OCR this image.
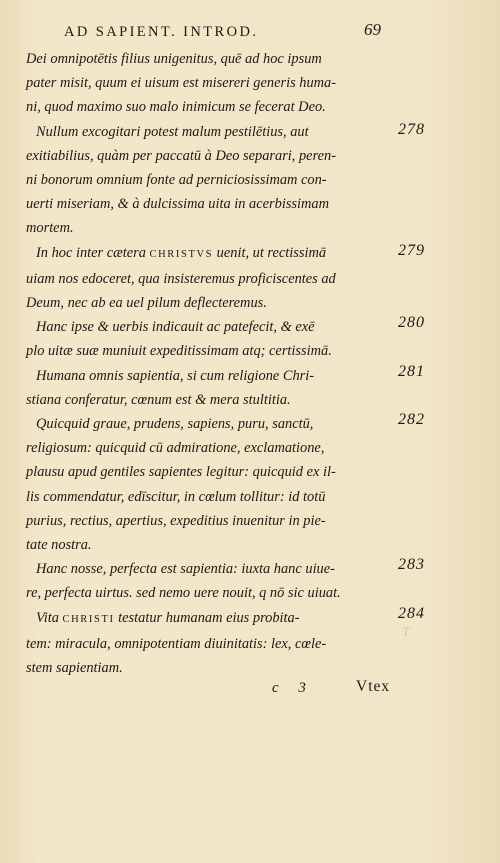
AD SAPIENT. INTROD.	69
Dei omnipotētis filius unigenitus, quē ad hoc ipsum
pater misit, quum ei uisum est misereri generis huma-
ni, quod maximo suo malo inimicum se fecerat Deo.
Nullum excogitari potest malum pestilētius, aut
exitiabilius, quàm per paccatū à Deo separari, peren-
ni bonorum omnium fonte ad perniciosissimam con-
uerti miseriam, & à dulcissima uita in acerbissimam
mortem.
In hoc inter cætera CHRISTVS uenit, ut rectissimā
uiam nos edoceret, qua insisteremus proficiscentes ad
Deum, nec ab ea uel pilum deflecteremus.
Hanc ipse & uerbis indicauit ac patefecit, & exē
plo uitæ suæ muniuit expeditissimam atq; certissimā.
Humana omnis sapientia, si cum religione Chri-
stiana conferatur, cœnum est & mera stultitia.
Quicquid graue, prudens, sapiens, puru, sanctū,
religiosum: quicquid cū admiratione, exclamatione,
plausu apud gentiles sapientes legitur: quicquid ex il-
lis commendatur, edīscitur, in cœlum tollitur: id totū
purius, rectius, apertius, expeditius inuenitur in pie-
tate nostra.
Hanc nosse, perfecta est sapientia: iuxta hanc uiue-
re, perfecta uirtus. sed nemo uere nouit, q nō sic uiuat.
Vita CHRISTI testatur humanam eius probita-
tem: miracula, omnipotentiam diuinitatis: lex, cœle-
stem sapientiam.
278
279
280
281
282
283
284
T
c 3	Vtex
